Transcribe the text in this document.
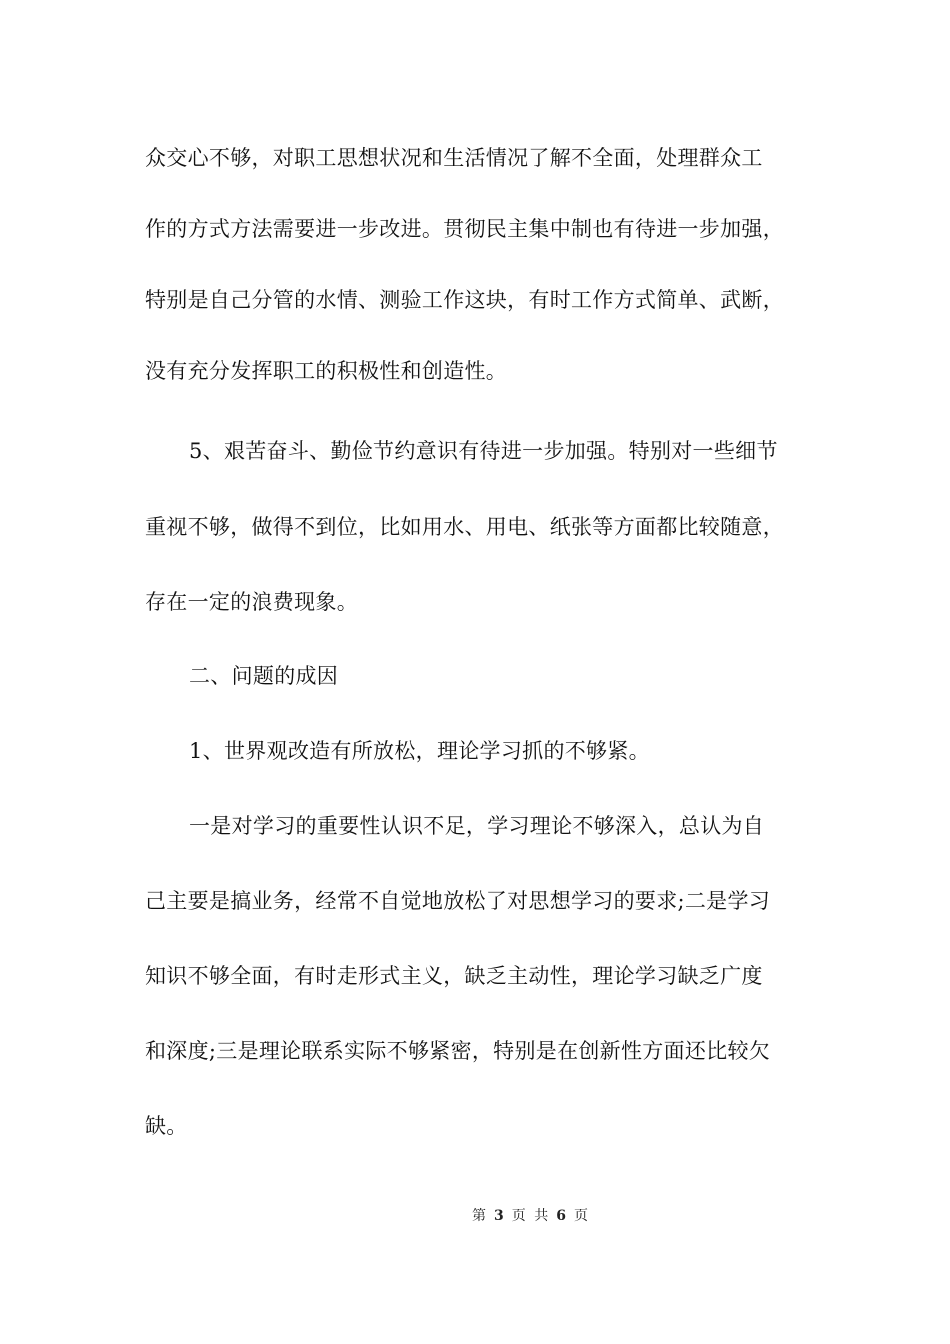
众交心不够，对职工思想状况和生活情况了解不全面，处理群众工
作的方式方法需要进一步改进。贯彻民主集中制也有待进一步加强，
特别是自己分管的水情、测验工作这块，有时工作方式简单、武断，
没有充分发挥职工的积极性和创造性。
5、艰苦奋斗、勤俭节约意识有待进一步加强。特别对一些细节
重视不够，做得不到位，比如用水、用电、纸张等方面都比较随意，
存在一定的浪费现象。
二、问题的成因
1、世界观改造有所放松，理论学习抓的不够紧。
一是对学习的重要性认识不足，学习理论不够深入，总认为自
己主要是搞业务，经常不自觉地放松了对思想学习的要求;二是学习
知识不够全面，有时走形式主义，缺乏主动性，理论学习缺乏广度
和深度;三是理论联系实际不够紧密，特别是在创新性方面还比较欠
缺。
第 3 页 共 6 页
